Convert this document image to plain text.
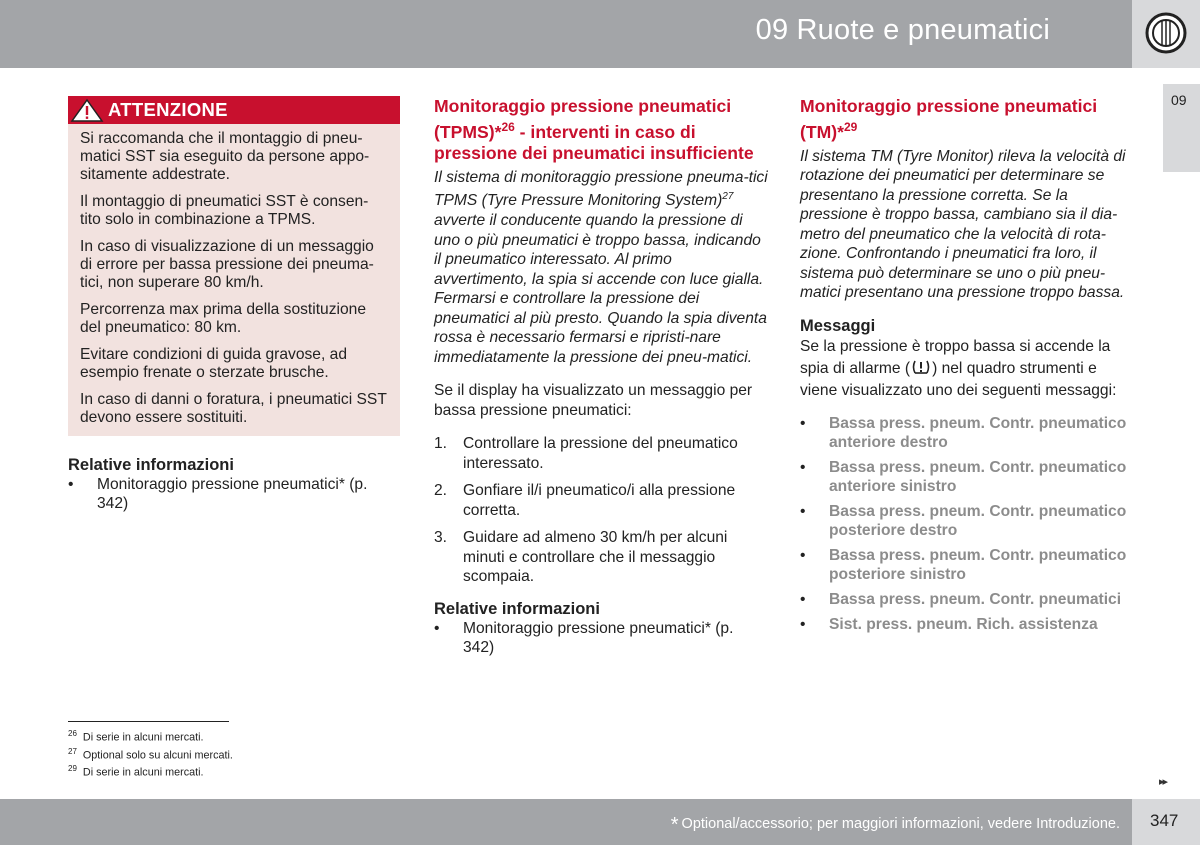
09 Ruote e pneumatici
09
ATTENZIONE

Si raccomanda che il montaggio di pneu-matici SST sia eseguito da persone appo-sitamente addestrate.

Il montaggio di pneumatici SST è consen-tito solo in combinazione a TPMS.

In caso di visualizzazione di un messaggio di errore per bassa pressione dei pneuma-tici, non superare 80 km/h.

Percorrenza max prima della sostituzione del pneumatico: 80 km.

Evitare condizioni di guida gravose, ad esempio frenate o sterzate brusche.

In caso di danni o foratura, i pneumatici SST devono essere sostituiti.

Relative informazioni
• Monitoraggio pressione pneumatici* (p. 342)
Monitoraggio pressione pneumatici (TPMS)*$^{26}$ - interventi in caso di pressione dei pneumatici insufficiente

Il sistema di monitoraggio pressione pneuma-tici TPMS (Tyre Pressure Monitoring System)$^{27}$ avverte il conducente quando la pressione di uno o più pneumatici è troppo bassa, indicando il pneumatico interessato. Al primo avvertimento, la spia si accende con luce gialla. Fermarsi e controllare la pressione dei pneumatici al più presto. Quando la spia diventa rossa è necessario fermarsi e ripristi-nare immediatamente la pressione dei pneu-matici.

Se il display ha visualizzato un messaggio per bassa pressione pneumatici:

1. Controllare la pressione del pneumatico interessato.
2. Gonfiare il/i pneumatico/i alla pressione corretta.
3. Guidare ad almeno 30 km/h per alcuni minuti e controllare che il messaggio scompaia.
Relative informazioni
• Monitoraggio pressione pneumatici* (p. 342)
Monitoraggio pressione pneumatici (TM)*$^{29}$

Il sistema TM (Tyre Monitor) rileva la velocità di rotazione dei pneumatici per determinare se presentano la pressione corretta. Se la pressione è troppo bassa, cambiano sia il dia-metro del pneumatico che la velocità di rota-zione. Confrontando i pneumatici fra loro, il sistema può determinare se uno o più pneu-matici presentano una pressione troppo bassa.

Messaggi

Se la pressione è troppo bassa si accende la spia di allarme ( ) nel quadro strumenti e viene visualizzato uno dei seguenti messaggi:

• Bassa press. pneum. Contr. pneumatico anteriore destro
• Bassa press. pneum. Contr. pneumatico anteriore sinistro
• Bassa press. pneum. Contr. pneumatico posteriore destro
• Bassa press. pneum. Contr. pneumatico posteriore sinistro
• Bassa press. pneum. Contr. pneumatici
• Sist. press. pneum. Rich. assistenza
$^{26}$ Di serie in alcuni mercati.
$^{27}$ Optional solo su alcuni mercati.
$^{29}$ Di serie in alcuni mercati.
▸▸
* Optional/accessorio; per maggiori informazioni, vedere Introduzione. 347
